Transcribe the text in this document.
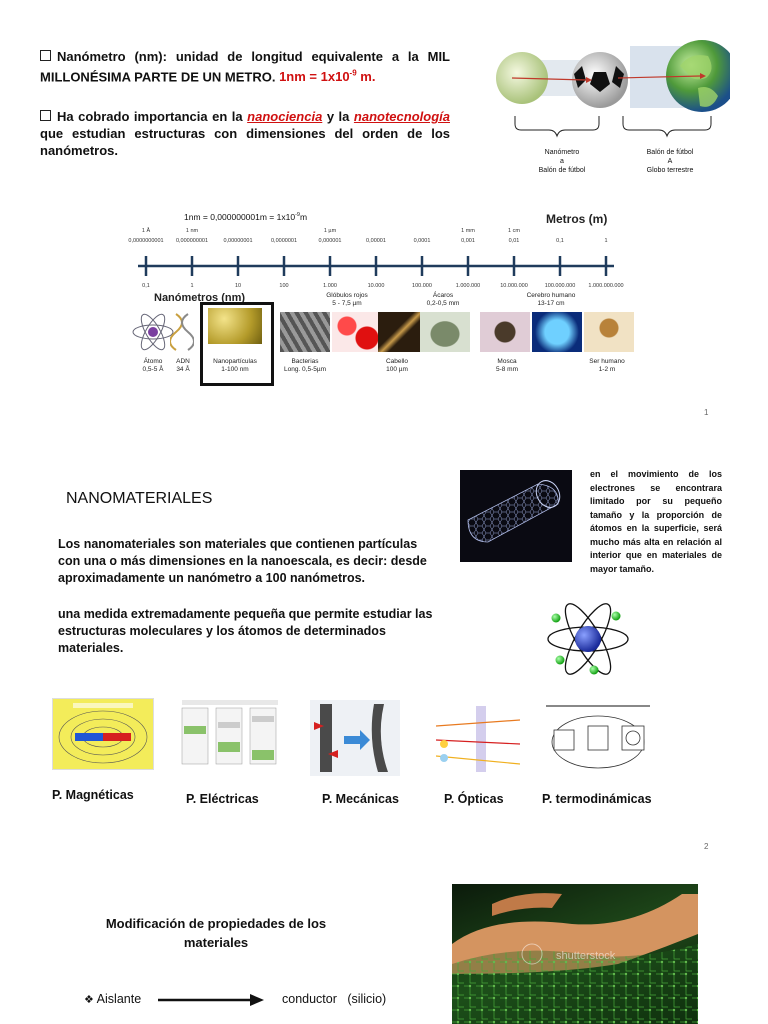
Nanómetro (nm): unidad de longitud equivalente a la MIL MILLONÉSIMA PARTE DE UN METRO. $1nm = 1x10^{-9}$ m.
Ha cobrado importancia en la nanociencia y la nanotecnología que estudian estructuras con dimensiones del orden de los nanómetros.	Nanómetro
a
Balón de fútbol
Balón de fútbol
A
Globo terrestre
$1nm = 0,000000001m = 1x10^{-9}m$	Metros (m)
Nanómetros (nm)	Glóbulos rojos
5 - 7,5 µm
Ácaros
0,2-0,5 mm
Cerebro humano
13-17 cm
Átomo
0,5-5 Å
ADN
34 Å
Nanopartículas
1-100 nm
Bacterias
Long. 0,5-5µm
Cabello
100 µm
Mosca
5-8 mm
Ser humano
1-2 m
1 Å
0,0000000001
0,1
1 nm
0,000000001
1
0,00000001
10
0,0000001
100
1 µm
0,000001
1.000
0,00001
10.000
0,0001
100.000
1 mm
0,001
1.000.000
1 cm
0,01
10.000.000
0,1
100.000.000
1
1.000.000.000
1
NANOMATERIALES
Los nanomateriales son materiales que contienen partículas con una o más dimensiones en la nanoescala, es decir: desde aproximadamente un nanómetro a 100 nanómetros.
una medida extremadamente pequeña que permite estudiar las estructuras moleculares y los átomos de determinados materiales.
en el movimiento de los electrones se encontrara limitado por su pequeño tamaño y la proporción de átomos en la superficie, será mucho más alta en relación al interior que en materiales de mayor tamaño.
P. Magnéticas	P. Eléctricas	P. Mecánicas	P. Ópticas	P. termodinámicas
2
Modificación de propiedades de los
materiales
❖ Aislante	conductor   (silicio)
shutterstock
